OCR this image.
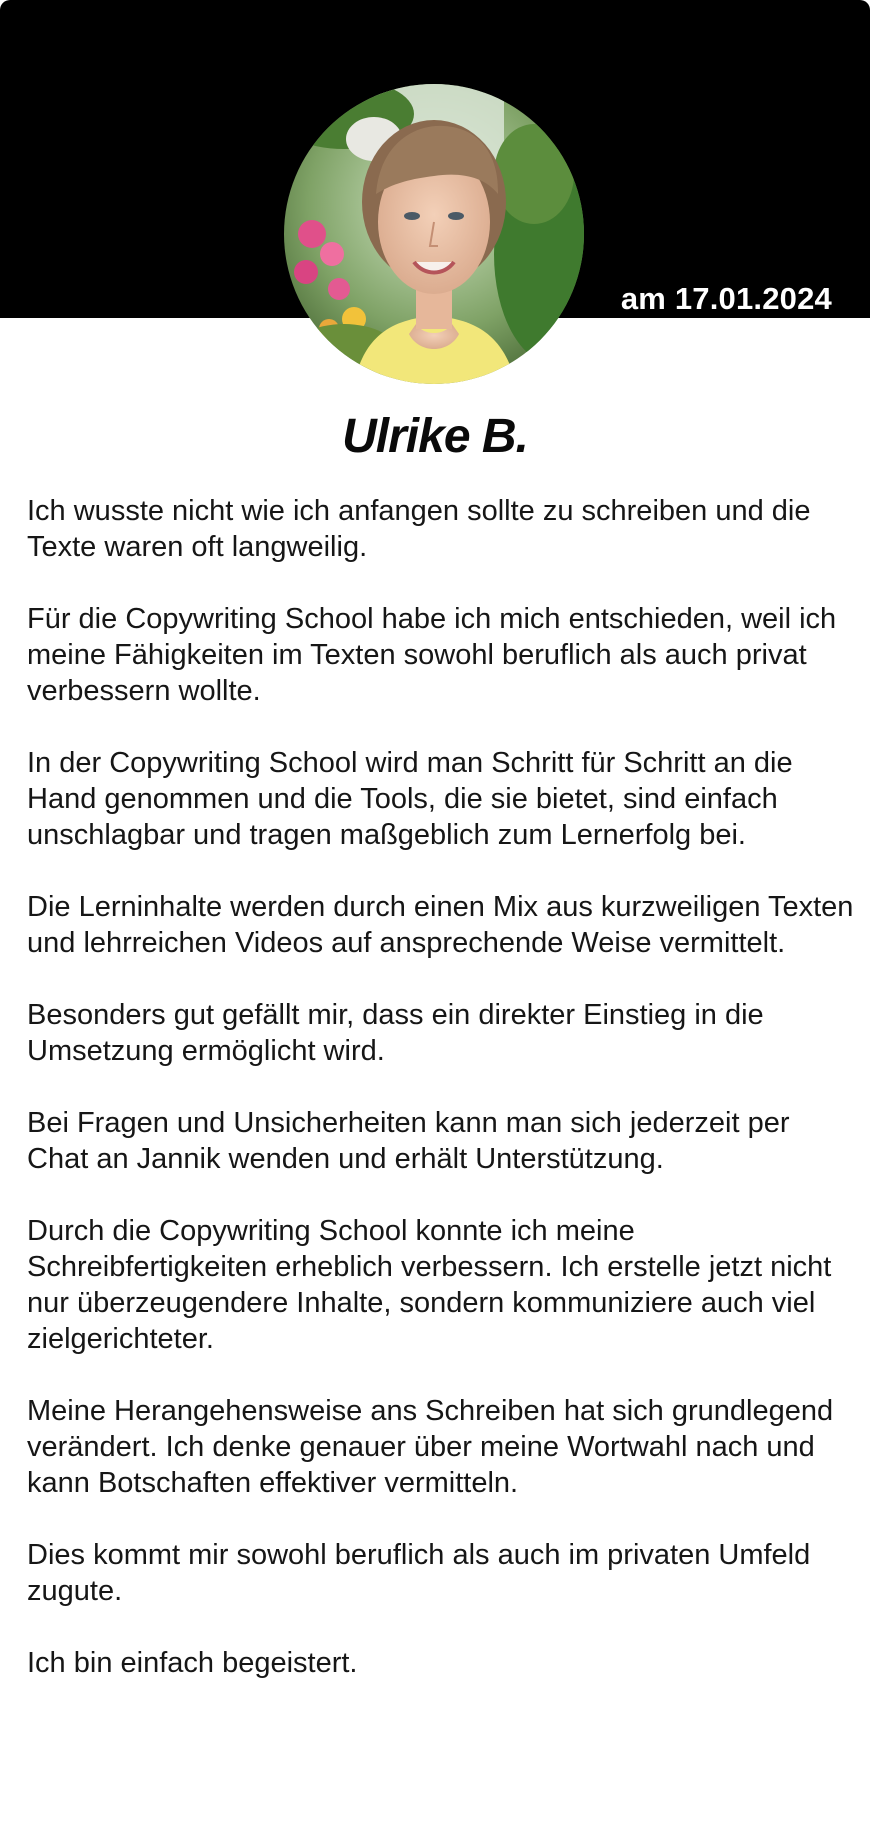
am 17.01.2024
Ulrike B.

Ich wusste nicht wie ich anfangen sollte zu schreiben und die Texte waren oft langweilig.

Für die Copywriting School habe ich mich entschieden, weil ich meine Fähigkeiten im Texten sowohl beruflich als auch privat verbessern wollte.

In der Copywriting School wird man Schritt für Schritt an die Hand genommen und die Tools, die sie bietet, sind einfach unschlagbar und tragen maßgeblich zum Lernerfolg bei.

Die Lerninhalte werden durch einen Mix aus kurzweiligen Texten und lehrreichen Videos auf ansprechende Weise vermittelt.

Besonders gut gefällt mir, dass ein direkter Einstieg in die Umsetzung ermöglicht wird.

Bei Fragen und Unsicherheiten kann man sich jederzeit per Chat an Jannik wenden und erhält Unterstützung.

Durch die Copywriting School konnte ich meine Schreibfertigkeiten erheblich verbessern. Ich erstelle jetzt nicht nur überzeugendere Inhalte, sondern kommuniziere auch viel zielgerichteter.

Meine Herangehensweise ans Schreiben hat sich grundlegend verändert. Ich denke genauer über meine Wortwahl nach und kann Botschaften effektiver vermitteln.

Dies kommt mir sowohl beruflich als auch im privaten Umfeld zugute.

Ich bin einfach begeistert.
